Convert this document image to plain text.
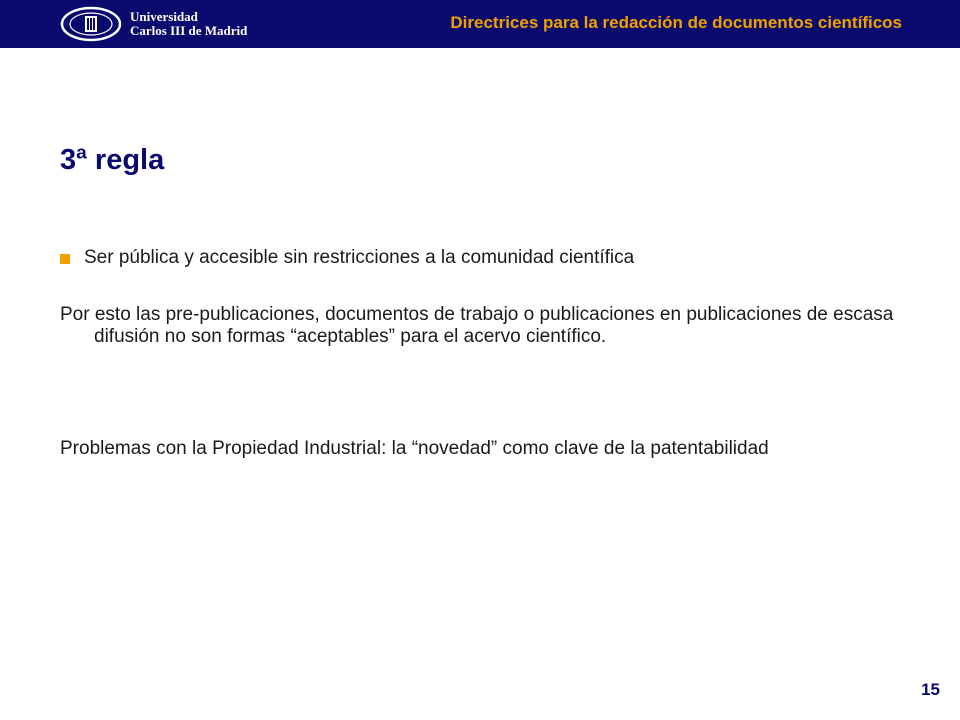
Universidad
Carlos III de Madrid	Directrices para la redacción de documentos científicos
3ª regla
Ser pública y accesible sin restricciones a la comunidad científica

Por esto las pre-publicaciones, documentos de trabajo o publicaciones en publicaciones de escasa difusión no son formas “aceptables” para el acervo científico.

Problemas con la Propiedad Industrial: la “novedad” como clave de la patentabilidad

15
